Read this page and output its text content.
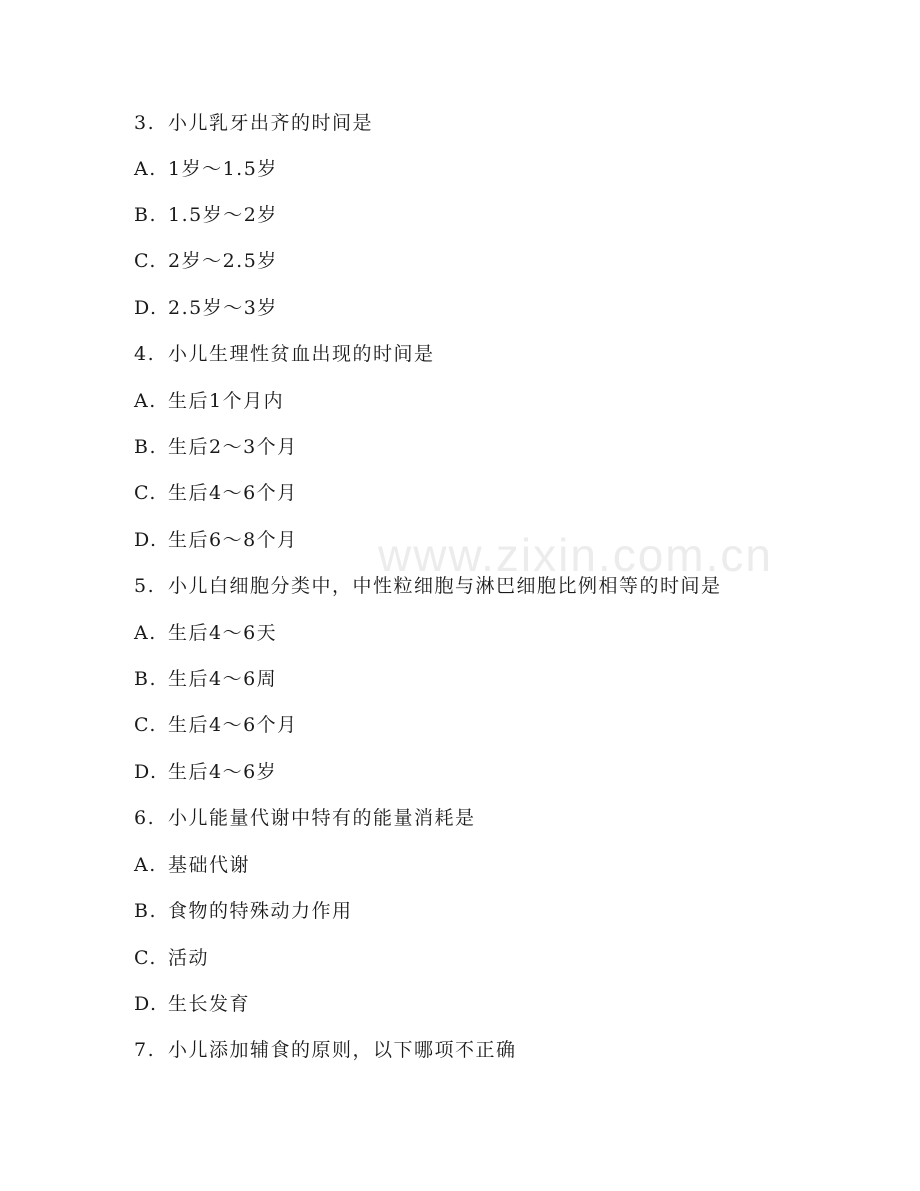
www.zixin.com.cn
3. 小儿乳牙出齐的时间是
A. 1岁～1.5岁
B. 1.5岁～2岁
C. 2岁～2.5岁
D. 2.5岁～3岁
4. 小儿生理性贫血出现的时间是
A. 生后1个月内
B. 生后2～3个月
C. 生后4～6个月
D. 生后6～8个月
5. 小儿白细胞分类中，中性粒细胞与淋巴细胞比例相等的时间是
A. 生后4～6天
B. 生后4～6周
C. 生后4～6个月
D. 生后4～6岁
6. 小儿能量代谢中特有的能量消耗是
A. 基础代谢
B. 食物的特殊动力作用
C. 活动
D. 生长发育
7. 小儿添加辅食的原则，以下哪项不正确
